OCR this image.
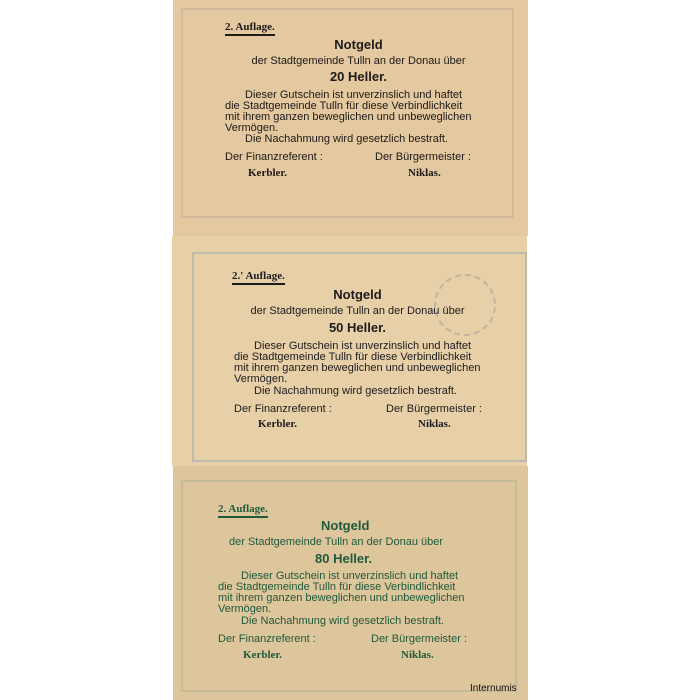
2. Auflage.
Notgeld
der Stadtgemeinde Tulln an der Donau über
20 Heller.
Dieser Gutschein ist unverzinslich und haftet
die Stadtgemeinde Tulln für diese Verbindlichkeit
mit ihrem ganzen beweglichen und unbeweglichen
Vermögen.
Die Nachahmung wird gesetzlich bestraft.
Der Finanzreferent :	Der Bürgermeister :
Kerbler.	Niklas.
2.' Auflage.
Notgeld
der Stadtgemeinde Tulln an der Donau über
50 Heller.
Dieser Gutschein ist unverzinslich und haftet
die Stadtgemeinde Tulln für diese Verbindlichkeit
mit ihrem ganzen beweglichen und unbeweglichen
Vermögen.
Die Nachahmung wird gesetzlich bestraft.
Der Finanzreferent :	Der Bürgermeister :
Kerbler.	Niklas.
2. Auflage.
Notgeld
der Stadtgemeinde Tulln an der Donau über
80 Heller.
Dieser Gutschein ist unverzinslich und haftet
die Stadtgemeinde Tulln für diese Verbindlichkeit
mit ihrem ganzen beweglichen und unbeweglichen
Vermögen.
Die Nachahmung wird gesetzlich bestraft.
Der Finanzreferent :	Der Bürgermeister :
Kerbler.	Niklas.
Internumis
